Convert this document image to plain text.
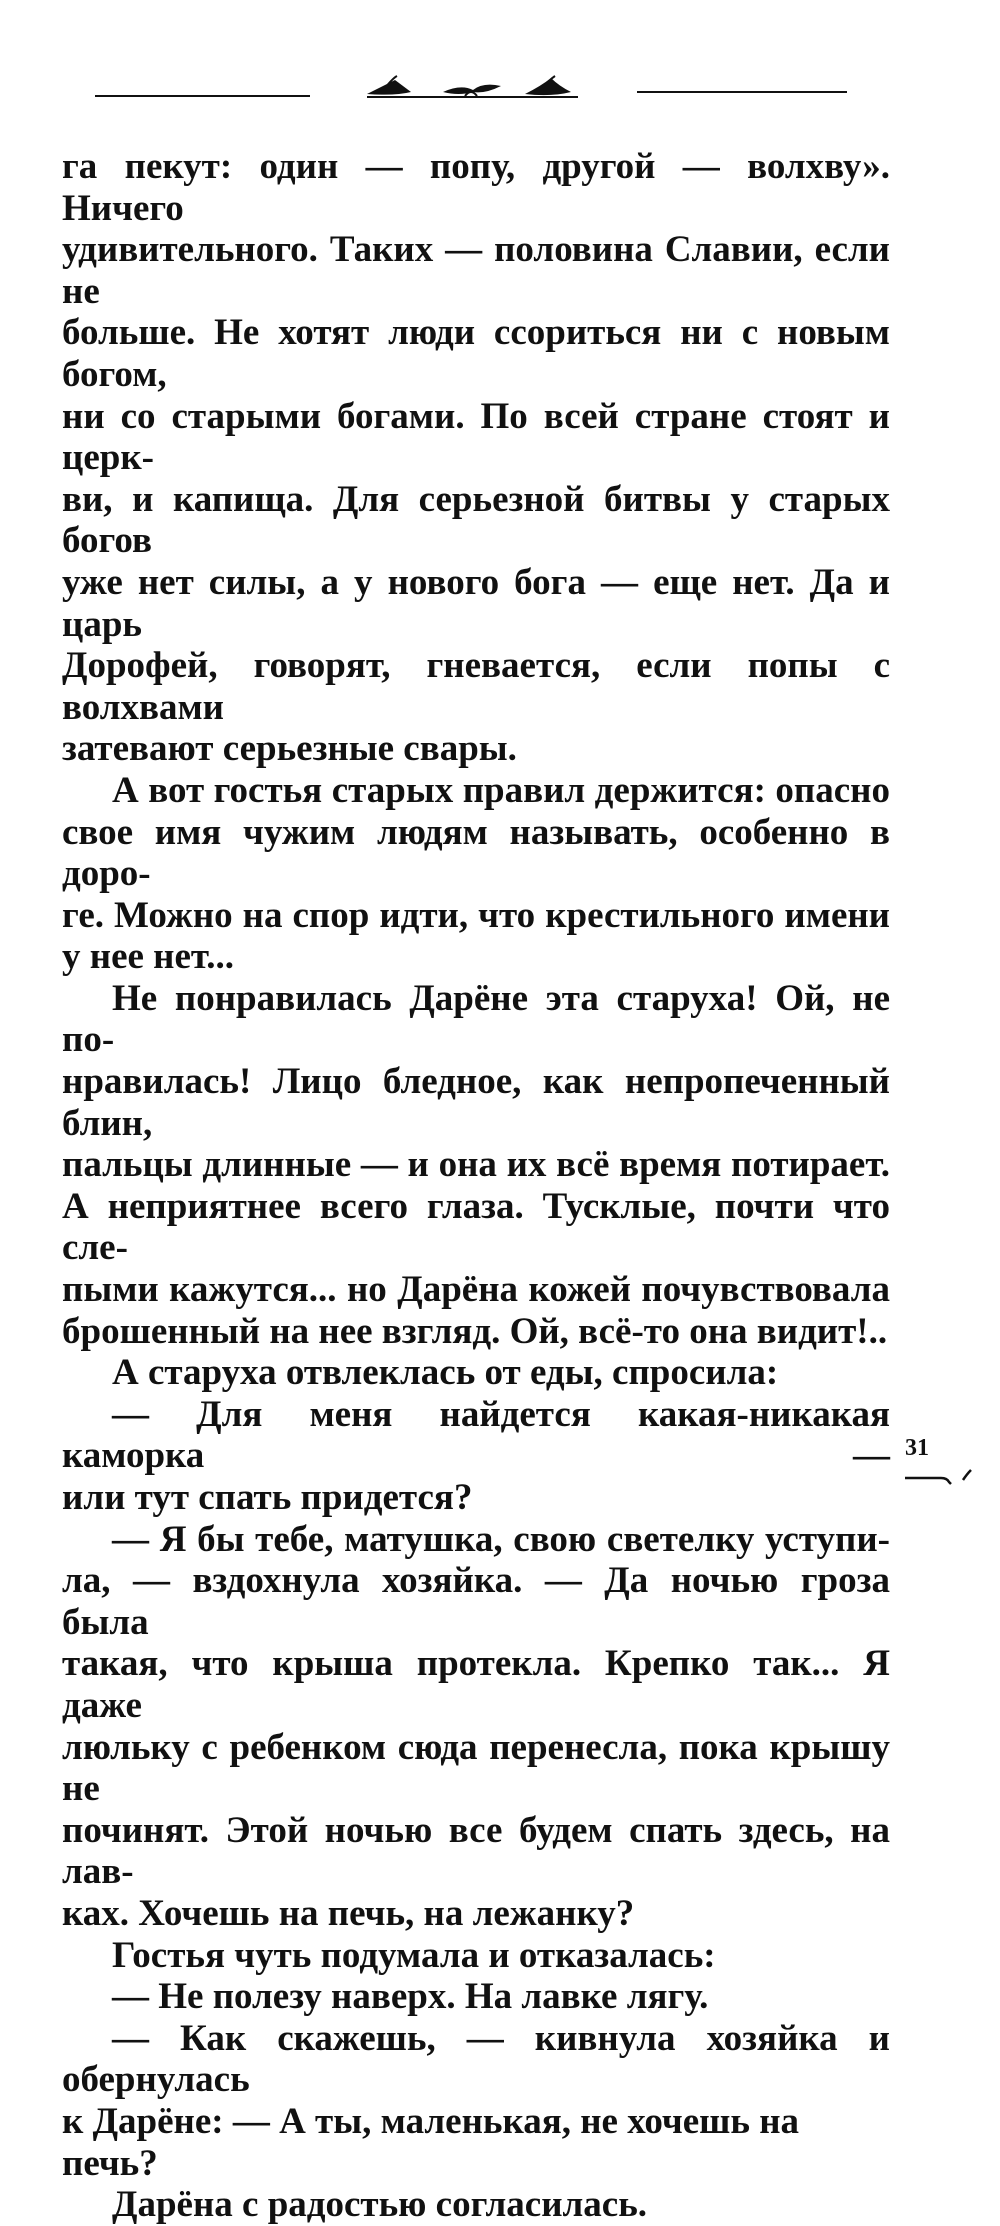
га пекут: один — попу, другой — волхву». Ничего
удивительного. Таких — половина Славии, если не
больше. Не хотят люди ссориться ни с новым богом,
ни со старыми богами. По всей стране стоят и церк-
ви, и капища. Для серьезной битвы у старых богов
уже нет силы, а у нового бога — еще нет. Да и царь
Дорофей, говорят, гневается, если попы с волхвами
затевают серьезные свары.

А вот гостья старых правил держится: опасно
свое имя чужим людям называть, особенно в доро-
ге. Можно на спор идти, что крестильного имени
у нее нет...

Не понравилась Дарёне эта старуха! Ой, не по-
нравилась! Лицо бледное, как непропеченный блин,
пальцы длинные — и она их всё время потирает.
А неприятнее всего глаза. Тусклые, почти что сле-
пыми кажутся... но Дарёна кожей почувствовала
брошенный на нее взгляд. Ой, всё-то она видит!..

А старуха отвлеклась от еды, спросила:

— Для меня найдется какая-никакая каморка —
или тут спать придется?

— Я бы тебе, матушка, свою светелку уступи-
ла, — вздохнула хозяйка. — Да ночью гроза была
такая, что крыша протекла. Крепко так... Я даже
люльку с ребенком сюда перенесла, пока крышу не
починят. Этой ночью все будем спать здесь, на лав-
ках. Хочешь на печь, на лежанку?

Гостья чуть подумала и отказалась:

— Не полезу наверх. На лавке лягу.

— Как скажешь, — кивнула хозяйка и обернулась
к Дарёне: — А ты, маленькая, не хочешь на печь?

Дарёна с радостью согласилась.

31
